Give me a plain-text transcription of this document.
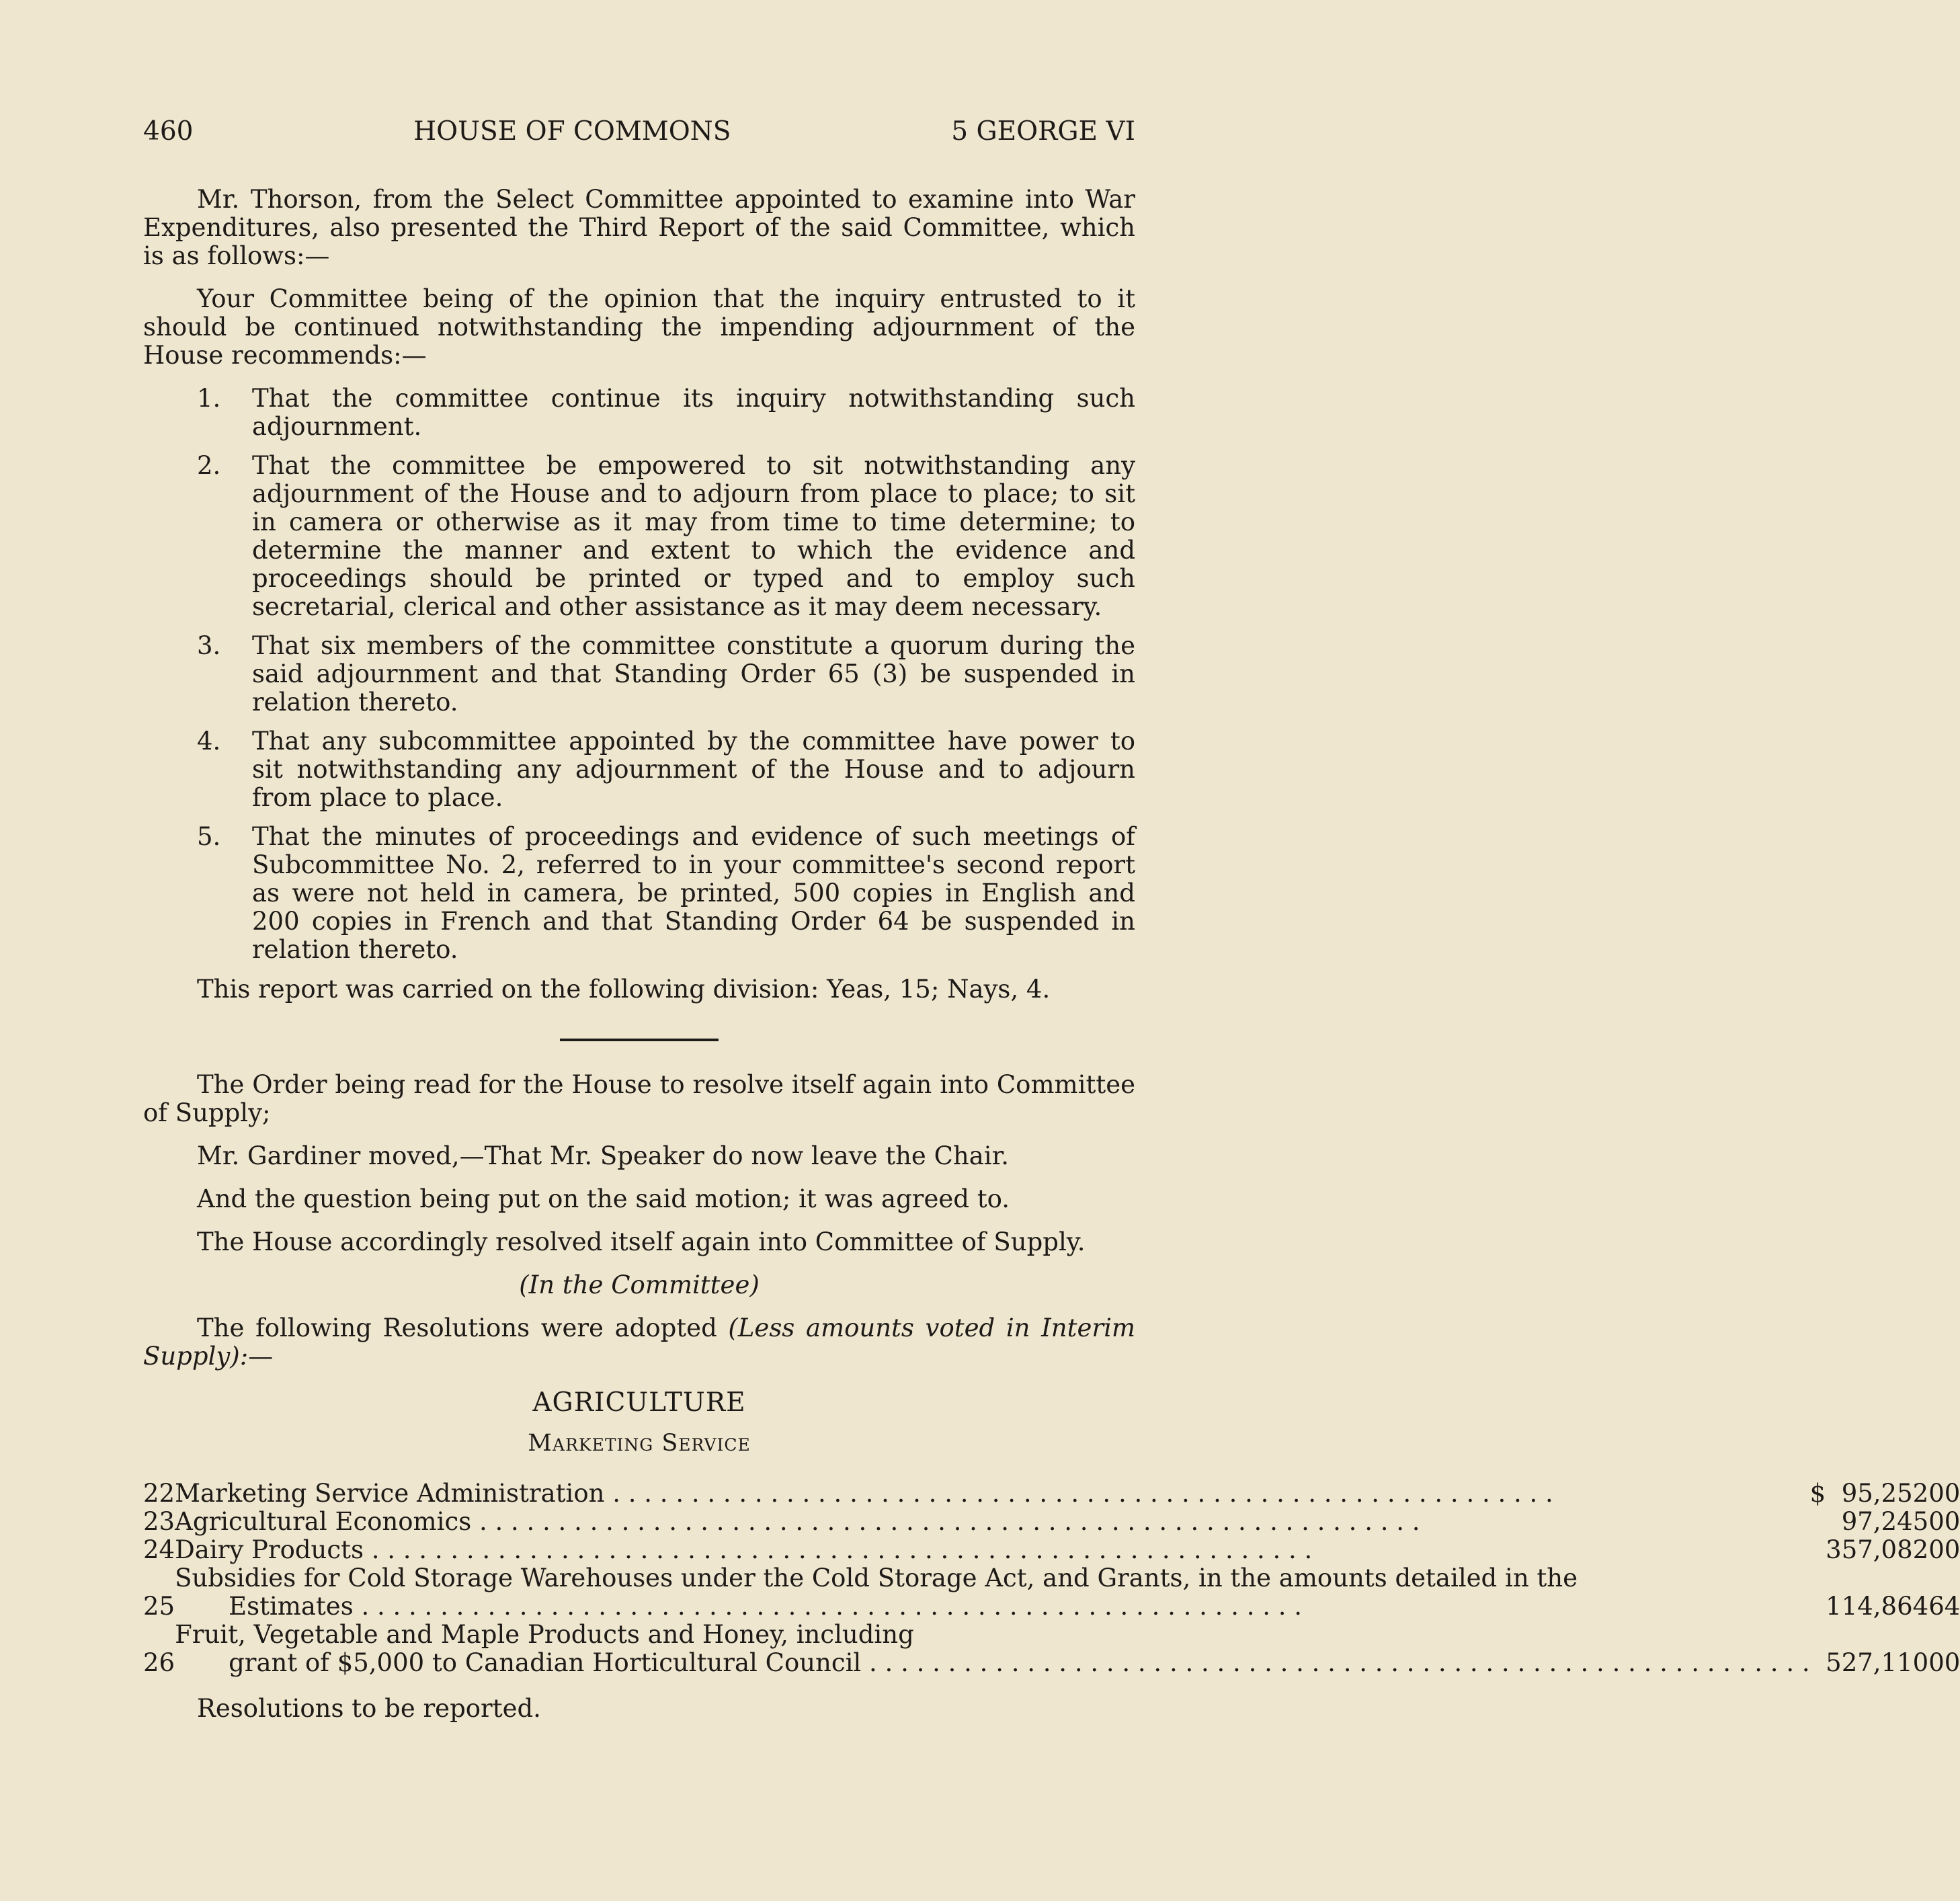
460	HOUSE OF COMMONS	5 GEORGE VI

Mr. Thorson, from the Select Committee appointed to examine into War Expenditures, also presented the Third Report of the said Committee, which is as follows:—

Your Committee being of the opinion that the inquiry entrusted to it should be continued notwithstanding the impending adjournment of the House recommends:—

1. That the committee continue its inquiry notwithstanding such adjournment.
2. That the committee be empowered to sit notwithstanding any adjournment of the House and to adjourn from place to place; to sit in camera or otherwise as it may from time to time determine; to determine the manner and extent to which the evidence and proceedings should be printed or typed and to employ such secretarial, clerical and other assistance as it may deem necessary.
3. That six members of the committee constitute a quorum during the said adjournment and that Standing Order 65 (3) be suspended in relation thereto.
4. That any subcommittee appointed by the committee have power to sit notwithstanding any adjournment of the House and to adjourn from place to place.
5. That the minutes of proceedings and evidence of such meetings of Subcommittee No. 2, referred to in your committee's second report as were not held in camera, be printed, 500 copies in English and 200 copies in French and that Standing Order 64 be suspended in relation thereto.

This report was carried on the following division: Yeas, 15; Nays, 4.

The Order being read for the House to resolve itself again into Committee of Supply;

Mr. Gardiner moved,—That Mr. Speaker do now leave the Chair.

And the question being put on the said motion; it was agreed to.

The House accordingly resolved itself again into Committee of Supply.

(In the Committee)

The following Resolutions were adopted (Less amounts voted in Interim Supply):—

AGRICULTURE
Marketing Service
22	Marketing Service Administration . . .	$	95,252	00
23	Agricultural Economics . . .		97,245	00
24	Dairy Products . . .		357,082	00
25	Subsidies for Cold Storage Warehouses under the Cold Storage Act, and Grants, in the amounts detailed in the
Estimates . . .		114,864	64
26	Fruit, Vegetable and Maple Products and Honey, including
grant of $5,000 to Canadian Horticultural Council . . .		527,110	00

Resolutions to be reported.
